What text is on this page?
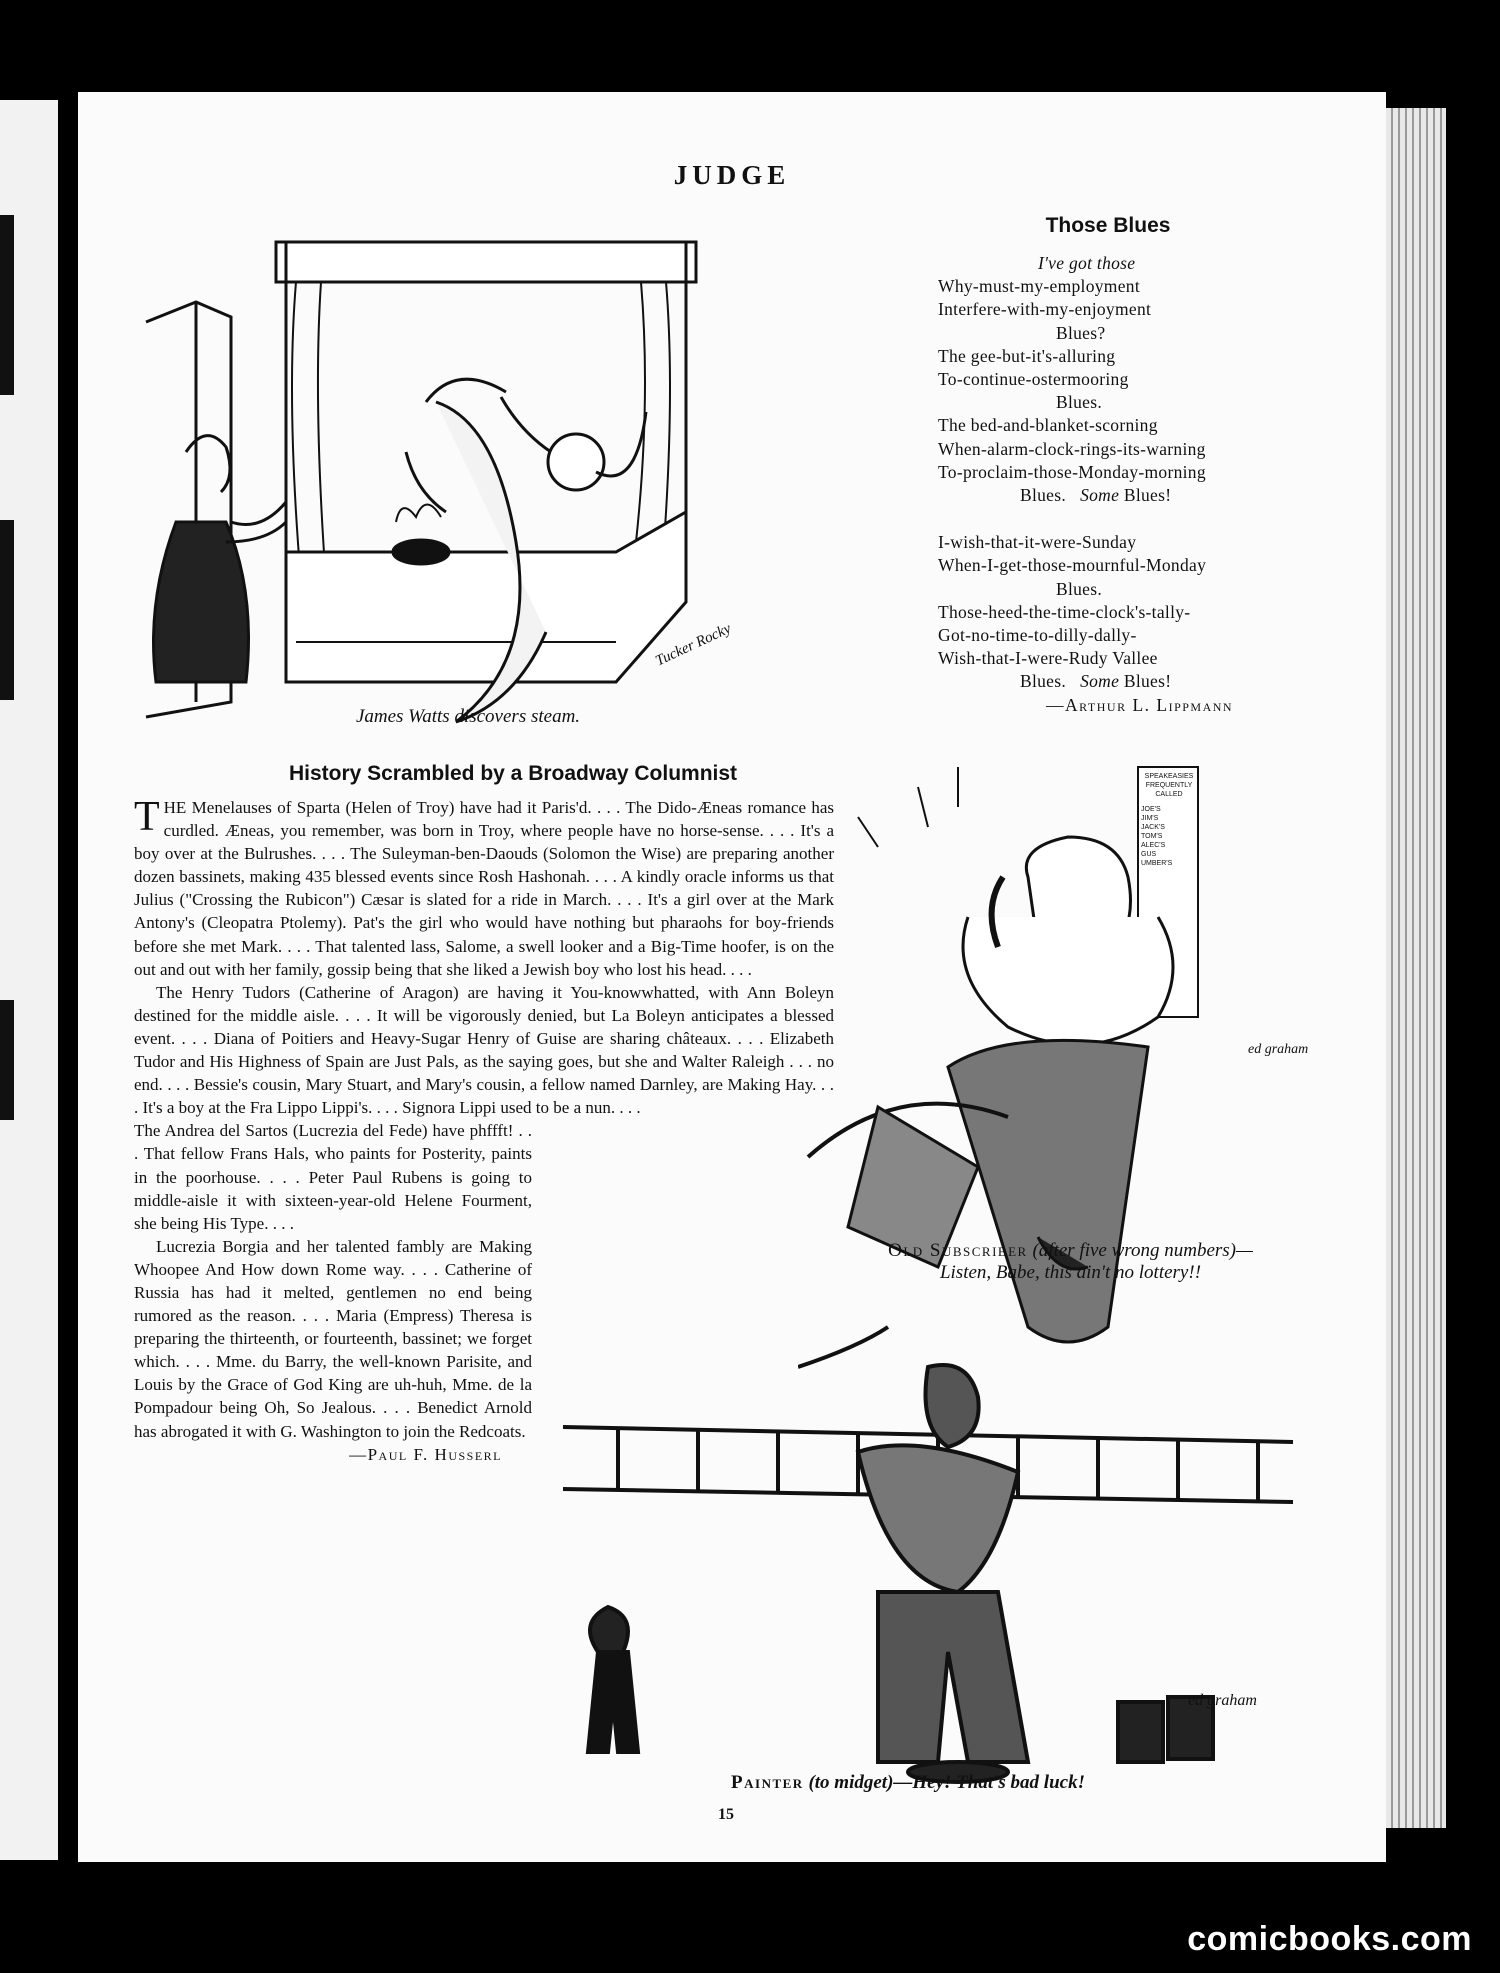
JUDGE
Tucker Rocky
James Watts discovers steam.
Those Blues
I've got those
Why-must-my-employment
Interfere-with-my-enjoyment
Blues?
The gee-but-it's-alluring
To-continue-ostermooring
Blues.
The bed-and-blanket-scorning
When-alarm-clock-rings-its-warning
To-proclaim-those-Monday-morning
Blues. Some Blues!
I-wish-that-it-were-Sunday
When-I-get-those-mournful-Monday
Blues.
Those-heed-the-time-clock's-tally-
Got-no-time-to-dilly-dally-
Wish-that-I-were-Rudy Vallee
Blues. Some Blues!
—Arthur L. Lippmann
History Scrambled by a Broadway Columnist

THE Menelauses of Sparta (Helen of Troy) have had it Paris'd. . . . The Dido-Æneas romance has curdled. Æneas, you remember, was born in Troy, where people have no horse-sense. . . . It's a boy over at the Bulrushes. . . . The Suleyman-ben-Daouds (Solomon the Wise) are preparing another dozen bassinets, making 435 blessed events since Rosh Hashonah. . . . A kindly oracle informs us that Julius ("Crossing the Rubicon") Cæsar is slated for a ride in March. . . . It's a girl over at the Mark Antony's (Cleopatra Ptolemy). Pat's the girl who would have nothing but pharaohs for boy-friends before she met Mark. . . . That talented lass, Salome, a swell looker and a Big-Time hoofer, is on the out and out with her family, gossip being that she liked a Jewish boy who lost his head. . . .

The Henry Tudors (Catherine of Aragon) are having it You-knowwhatted, with Ann Boleyn destined for the middle aisle. . . . It will be vigorously denied, but La Boleyn anticipates a blessed event. . . . Diana of Poitiers and Heavy-Sugar Henry of Guise are sharing châteaux. . . . Elizabeth Tudor and His Highness of Spain are Just Pals, as the saying goes, but she and Walter Raleigh . . . no end. . . . Bessie's cousin, Mary Stuart, and Mary's cousin, a fellow named Darnley, are Making Hay. . . . It's a boy at the Fra Lippo Lippi's. . . . Signora Lippi used to be a nun. . . .

The Andrea del Sartos (Lucrezia del Fede) have phffft! . . . That fellow Frans Hals, who paints for Posterity, paints in the poorhouse. . . . Peter Paul Rubens is going to middle-aisle it with sixteen-year-old Helene Fourment, she being His Type. . . .

Lucrezia Borgia and her talented fambly are Making Whoopee And How down Rome way. . . . Catherine of Russia has had it melted, gentlemen no end being rumored as the reason. . . . Maria (Empress) Theresa is preparing the thirteenth, or fourteenth, bassinet; we forget which. . . . Mme. du Barry, the well-known Parisite, and Louis by the Grace of God King are uh-huh, Mme. de la Pompadour being Oh, So Jealous. . . . Benedict Arnold has abrogated it with G. Washington to join the Redcoats.

—Paul F. Husserl
SPEAKEASIES FREQUENTLY CALLED
JOE'S
JIM'S
JACK'S
TOM'S
ALEC'S
GUS
UMBER'S
ed graham
Old Subscriber (after five wrong numbers)—Listen, Babe, this ain't no lottery!!
ed graham
Painter (to midget)—Hey! That's bad luck!
15
comicbooks.com
